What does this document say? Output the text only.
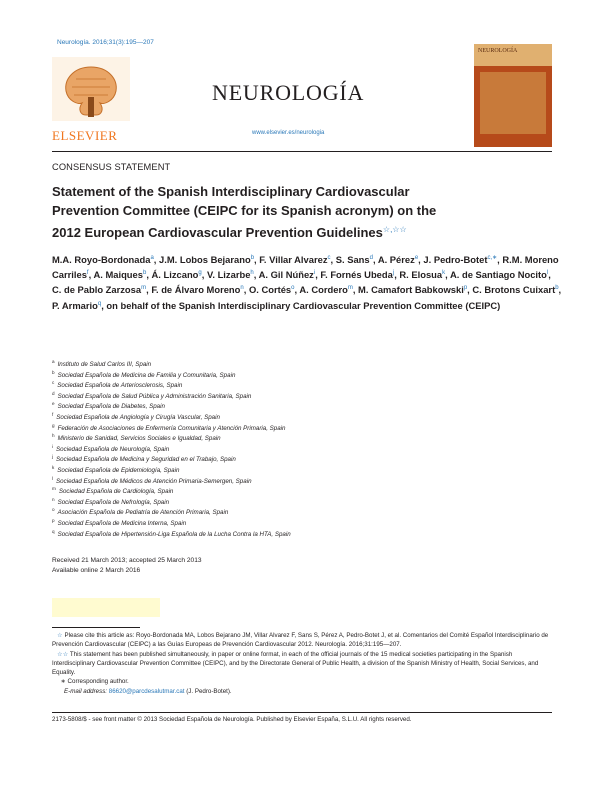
Neurología. 2016;31(3):195—207
ELSEVIER
NEUROLOGÍA
www.elsevier.es/neurologia
NEUROLOGÍA
CONSENSUS STATEMENT
Statement of the Spanish Interdisciplinary Cardiovascular
Prevention Committee (CEIPC for its Spanish acronym) on the
2012 European Cardiovascular Prevention Guidelines☆,☆☆
M.A. Royo-Bordonada$^a$, J.M. Lobos Bejarano$^b$, F. Villar Alvarez$^c$, S. Sans$^d$, A. Pérez$^e$, J. Pedro-Botet$^{c,∗}$, R.M. Moreno Carriles$^f$, A. Maiques$^b$, Á. Lizcano$^g$, V. Lizarbe$^h$, A. Gil Núñez$^i$, F. Fornés Ubeda$^j$, R. Elosua$^k$, A. de Santiago Nocito$^l$, C. de Pablo Zarzosa$^m$, F. de Álvaro Moreno$^n$, O. Cortés$^o$, A. Cordero$^m$, M. Camafort Babkowski$^p$, C. Brotons Cuixart$^b$, P. Armario$^q$, on behalf of the Spanish Interdisciplinary Cardiovascular Prevention Committee (CEIPC)
$^a$ Instituto de Salud Carlos III, Spain
$^b$ Sociedad Española de Medicina de Familia y Comunitaria, Spain
$^c$ Sociedad Española de Arteriosclerosis, Spain
$^d$ Sociedad Española de Salud Pública y Administración Sanitaria, Spain
$^e$ Sociedad Española de Diabetes, Spain
$^f$ Sociedad Española de Angiología y Cirugía Vascular, Spain
$^g$ Federación de Asociaciones de Enfermería Comunitaria y Atención Primaria, Spain
$^h$ Ministerio de Sanidad, Servicios Sociales e Igualdad, Spain
$^i$ Sociedad Española de Neurología, Spain
$^j$ Sociedad Española de Medicina y Seguridad en el Trabajo, Spain
$^k$ Sociedad Española de Epidemiología, Spain
$^l$ Sociedad Española de Médicos de Atención Primaria-Semergen, Spain
$^m$ Sociedad Española de Cardiología, Spain
$^n$ Sociedad Española de Nefrología, Spain
$^o$ Asociación Española de Pediatría de Atención Primaria, Spain
$^p$ Sociedad Española de Medicina Interna, Spain
$^q$ Sociedad Española de Hipertensión-Liga Española de la Lucha Contra la HTA, Spain
Received 21 March 2013; accepted 25 March 2013
Available online 2 March 2016
☆ Please cite this article as: Royo-Bordonada MA, Lobos Bejarano JM, Villar Alvarez F, Sans S, Pérez A, Pedro-Botet J, et al. Comentarios del Comité Español Interdisciplinario de Prevención Cardiovascular (CEIPC) a las Guías Europeas de Prevención Cardiovascular 2012. Neurología. 2016;31:195—207.
☆☆ This statement has been published simultaneously, in paper or online format, in each of the official journals of the 15 medical societies participating in the Spanish Interdisciplinary Cardiovascular Prevention Committee (CEIPC), and by the Directorate General of Public Health, a division of the Spanish Ministry of Health, Social Services, and Equality.
∗ Corresponding author.
E-mail address: 86620@parcdesalutmar.cat (J. Pedro-Botet).
2173-5808/$ - see front matter © 2013 Sociedad Española de Neurología. Published by Elsevier España, S.L.U. All rights reserved.
